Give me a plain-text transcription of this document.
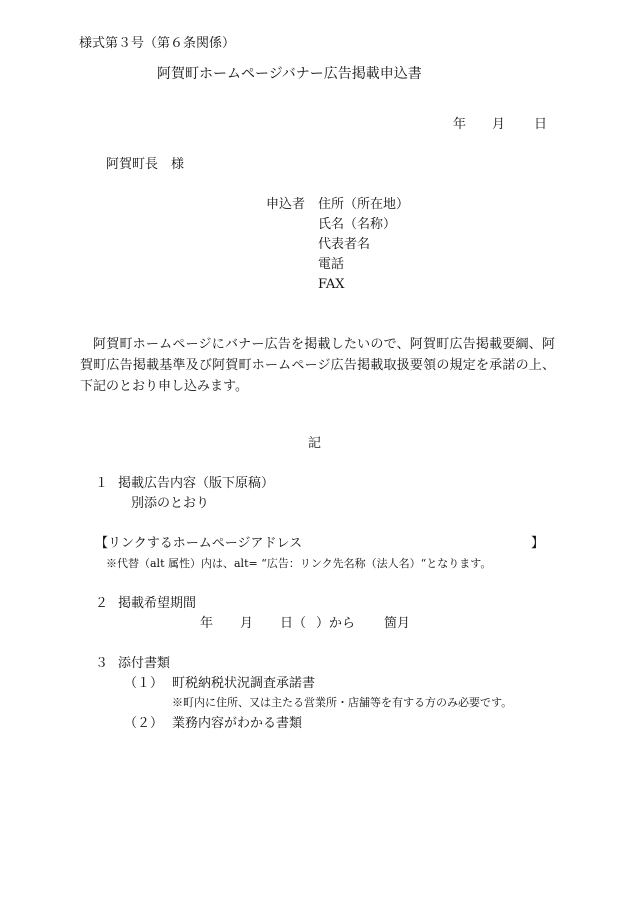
様式第３号（第６条関係）
阿賀町ホームページバナー広告掲載申込書
年 月 日
阿賀町長　様
申込者 住所（所在地）
氏名（名称）
代表者名
電話
FAX
阿賀町ホームページにバナー広告を掲載したいので、阿賀町広告掲載要綱、阿賀町広告掲載基準及び阿賀町ホームページ広告掲載取扱要領の規定を承諾の上、下記のとおり申し込みます。
記
１ 掲載広告内容（版下原稿）
別添のとおり
【リンクするホームページアドレス	】
※代替（alt 属性）内は、alt= “広告：リンク先名称（法人名）“となります。
２ 掲載希望期間
年 月 日（ ）から 箇月
３ 添付書類
（１） 町税納税状況調査承諾書
※町内に住所、又は主たる営業所・店舗等を有する方のみ必要です。
（２） 業務内容がわかる書類
